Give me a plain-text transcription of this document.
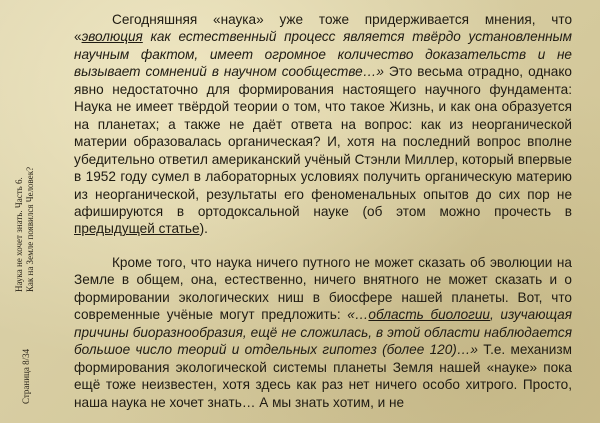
Наука не хочет знать. Часть 6. Как на Земле появился Человек?
Страница 8/34

Сегодняшняя «наука» уже тоже придерживается мнения, что «эволюция как естественный процесс является твёрдо установленным научным фактом, имеет огромное количество доказательств и не вызывает сомнений в научном сообществе…» Это весьма отрадно, однако явно недостаточно для формирования настоящего научного фундамента: Наука не имеет твёрдой теории о том, что такое Жизнь, и как она образуется на планетах; а также не даёт ответа на вопрос: как из неорганической материи образовалась органическая? И, хотя на последний вопрос вполне убедительно ответил американский учёный Стэнли Миллер, который впервые в 1952 году сумел в лабораторных условиях получить органическую материю из неорганической, результаты его феноменальных опытов до сих пор не афишируются в ортодоксальной науке (об этом можно прочесть в предыдущей статье).

Кроме того, что наука ничего путного не может сказать об эволюции на Земле в общем, она, естественно, ничего внятного не может сказать и о формировании экологических ниш в биосфере нашей планеты. Вот, что современные учёные могут предложить: «…область биологии, изучающая причины биоразнообразия, ещё не сложилась, в этой области наблюдается большое число теорий и отдельных гипотез (более 120)…» Т.е. механизм формирования экологической системы планеты Земля нашей «науке» пока ещё тоже неизвестен, хотя здесь как раз нет ничего особо хитрого. Просто, наша наука не хочет знать… А мы знать хотим, и не
